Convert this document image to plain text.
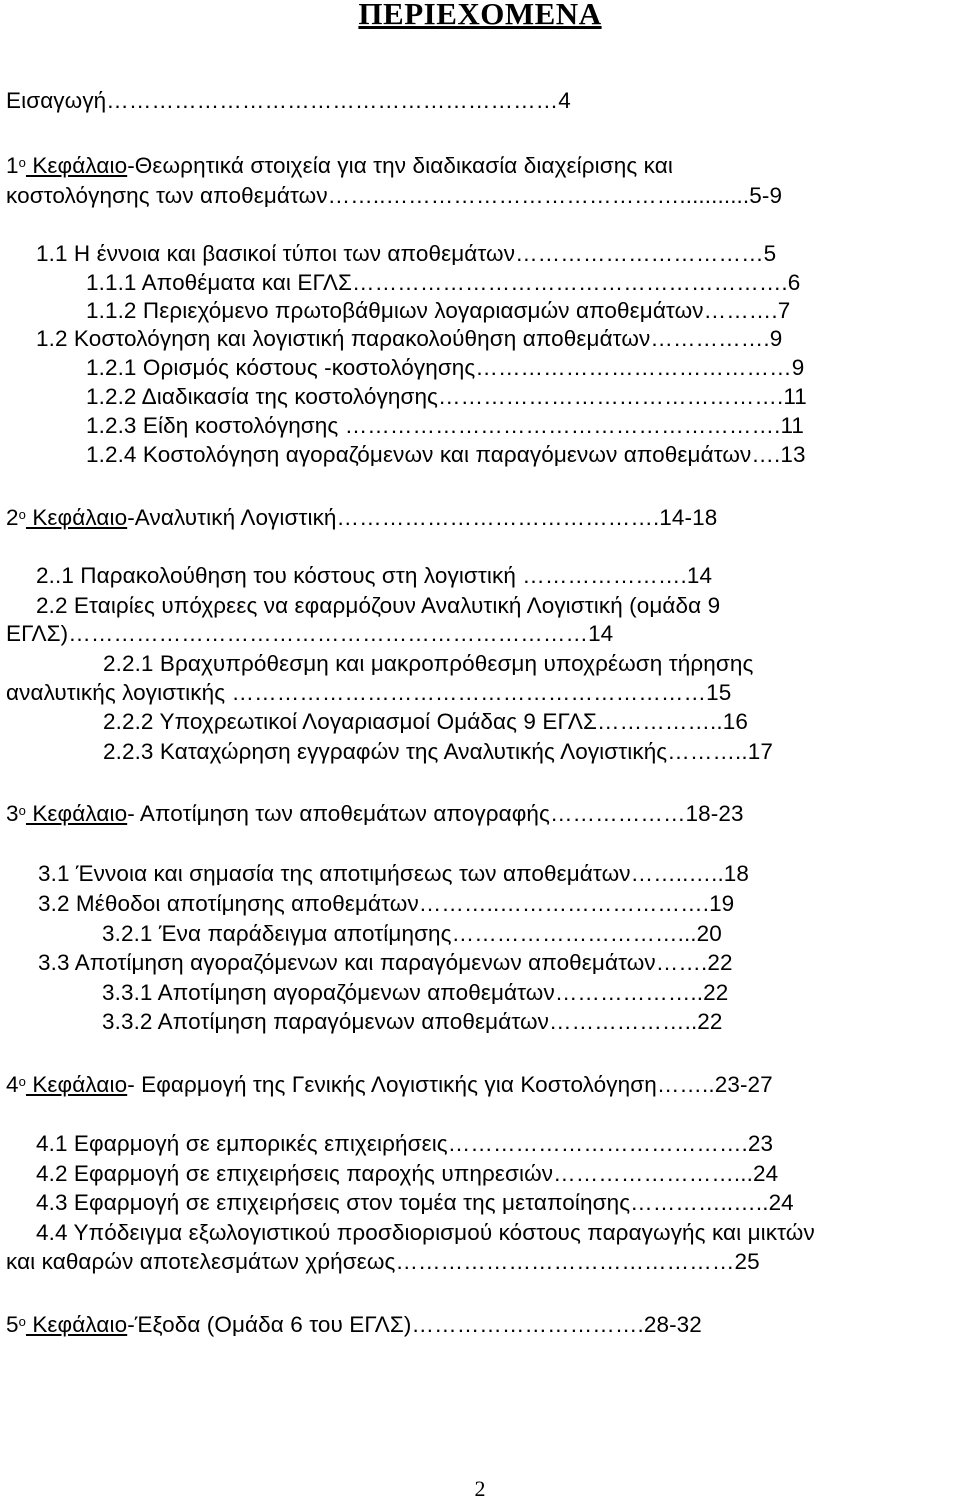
ΠΕΡΙΕΧΟΜΕΝΑ
Εισαγωγή……………………………………………………4
$1^o$ Κεφάλαιο-Θεωρητικά στοιχεία για την διαδικασία διαχείρισης και
κοστολόγησης των αποθεμάτων……..…………………………………...........5-9
1.1 Η έννοια και βασικοί τύποι των αποθεμάτων……………………………5
1.1.1 Αποθέματα και ΕΓΛΣ………………………………………………….6
1.1.2 Περιεχόμενο πρωτοβάθμιων λογαριασμών αποθεμάτων……….7
1.2 Κοστολόγηση και λογιστική παρακολούθηση αποθεμάτων…………….9
1.2.1 Ορισμός κόστους -κοστολόγησης……………………………………9
1.2.2 Διαδικασία της κοστολόγησης……………………………………….11
1.2.3 Είδη κοστολόγησης ………………………………………………….11
1.2.4 Κοστολόγηση αγοραζόμενων και παραγόμενων αποθεμάτων….13
$2^o$ Κεφάλαιο-Αναλυτική Λογιστική…………………………………….14-18
2..1 Παρακολούθηση του κόστους στη λογιστική ………………….14
2.2 Εταιρίες υπόχρεες να εφαρμόζουν Αναλυτική Λογιστική (ομάδα 9
ΕΓΛΣ)……………………………………………………………14
2.2.1 Βραχυπρόθεσμη και μακροπρόθεσμη υποχρέωση τήρησης
αναλυτικής λογιστικής ………………………………………………………15
2.2.2 Υποχρεωτικοί Λογαριασμοί Ομάδας 9 ΕΓΛΣ……………..16
2.2.3 Καταχώρηση εγγραφών της Αναλυτικής Λογιστικής………..17
$3^o$ Κεφάλαιο- Αποτίμηση των αποθεμάτων απογραφής………………18-23
3.1 Έννοια και σημασία της αποτιμήσεως των αποθεμάτων……..…..18
3.2 Μέθοδοι αποτίμησης αποθεμάτων………..……………………….19
3.2.1 Ένα παράδειγμα αποτίμησης…………………………...20
3.3 Αποτίμηση αγοραζόμενων και παραγόμενων αποθεμάτων…….22
3.3.1 Αποτίμηση αγοραζόμενων αποθεμάτων………………..22
3.3.2 Αποτίμηση παραγόμενων αποθεμάτων………………..22
$4^o$ Κεφάλαιο- Εφαρμογή της Γενικής Λογιστικής για Κοστολόγηση……..23-27
4.1 Εφαρμογή σε εμπορικές επιχειρήσεις………………………………….23
4.2 Εφαρμογή σε επιχειρήσεις παροχής υπηρεσιών……………………...24
4.3 Εφαρμογή σε επιχειρήσεις στον τομέα της μεταποίησης…………..…..24
4.4 Υπόδειγμα εξωλογιστικού προσδιορισμού κόστους παραγωγής και μικτών
και καθαρών αποτελεσμάτων χρήσεως………………………………………25
$5^o$ Κεφάλαιο-Έξοδα (Ομάδα 6 του ΕΓΛΣ)………………………….28-32
2
